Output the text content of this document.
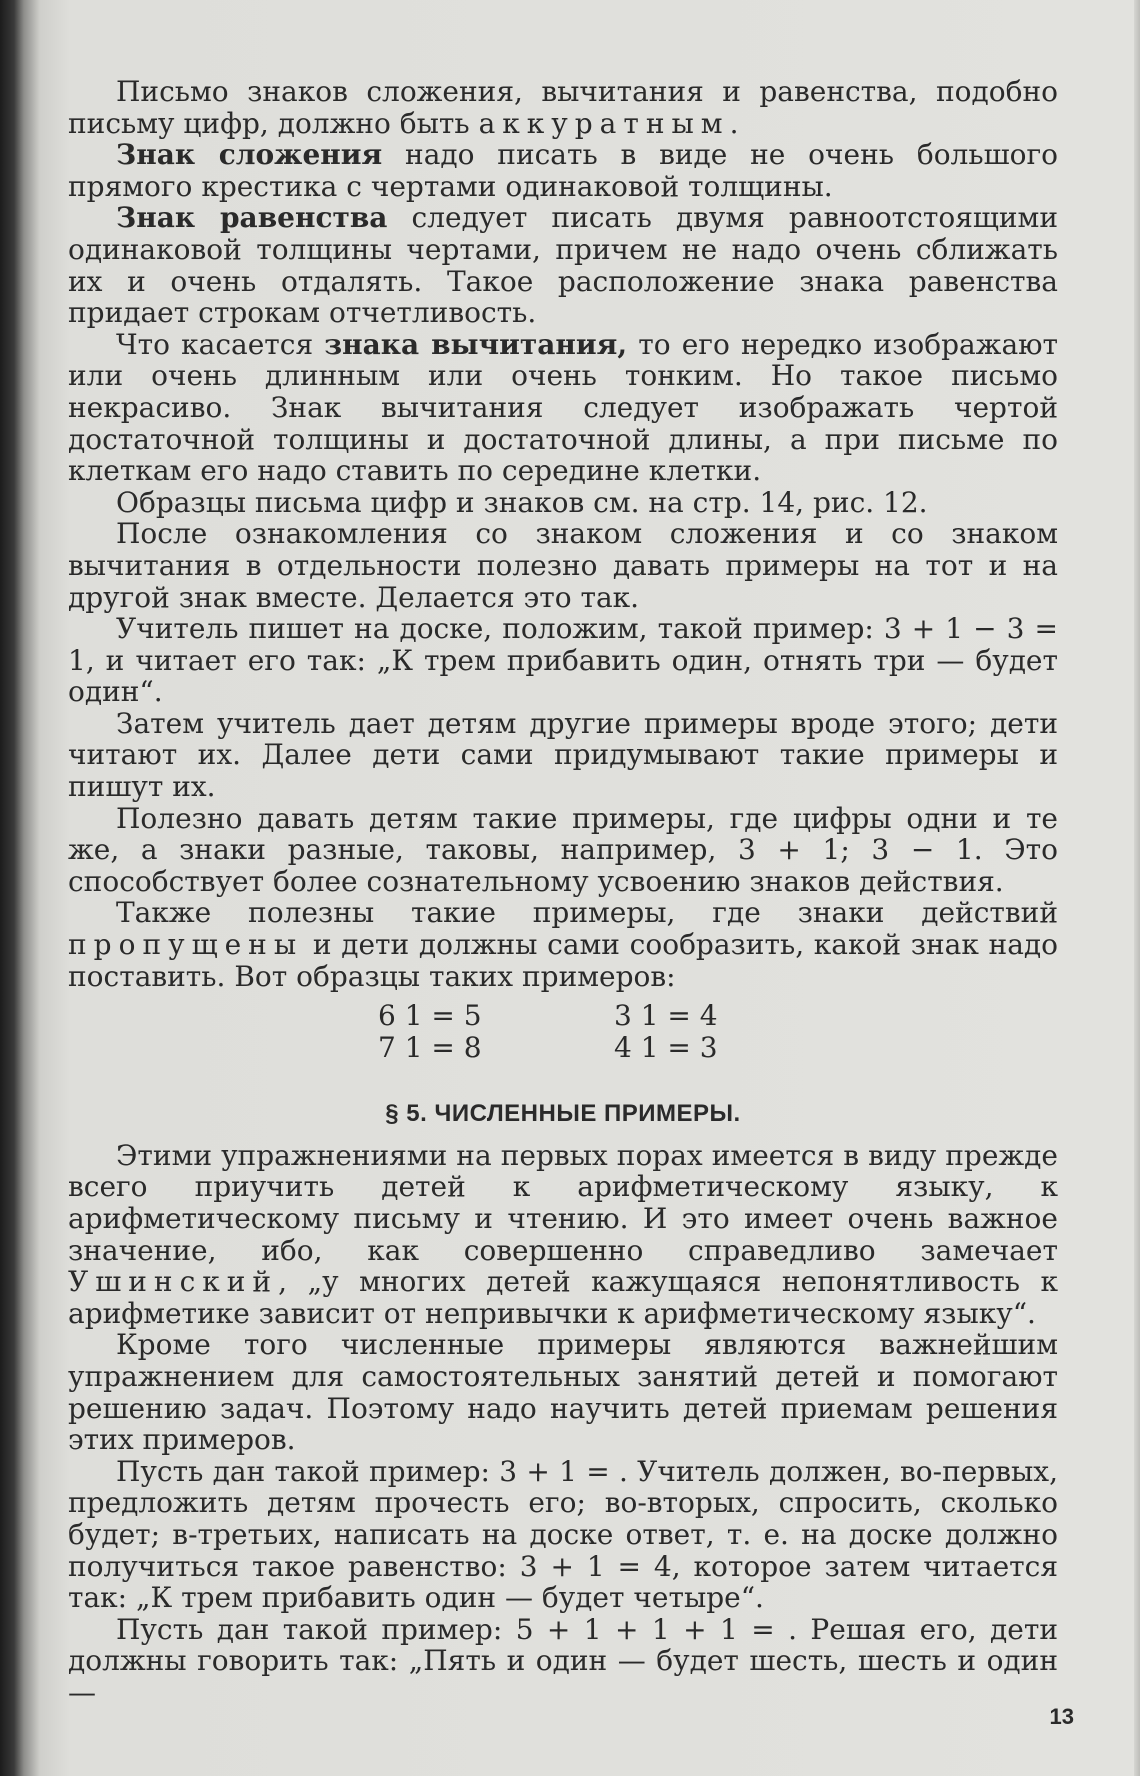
Письмо знаков сложения, вычитания и равенства, подобно письму цифр, должно быть аккуратным.

Знак сложения надо писать в виде не очень большого прямого крестика с чертами одинаковой толщины.

Знак равенства следует писать двумя равноотстоящими одинаковой толщины чертами, причем не надо очень сближать их и очень отдалять. Такое расположение знака равенства придает строкам отчетливость.

Что касается знака вычитания, то его нередко изображают или очень длинным или очень тонким. Но такое письмо некрасиво. Знак вычитания следует изображать чертой достаточной толщины и достаточной длины, а при письме по клеткам его надо ставить по середине клетки.

Образцы письма цифр и знаков см. на стр. 14, рис. 12.

После ознакомления со знаком сложения и со знаком вычитания в отдельности полезно давать примеры на тот и на другой знак вместе. Делается это так.

Учитель пишет на доске, положим, такой пример: 3 + 1 − 3 = 1, и читает его так: „К трем прибавить один, отнять три — будет один“.

Затем учитель дает детям другие примеры вроде этого; дети читают их. Далее дети сами придумывают такие примеры и пишут их.

Полезно давать детям такие примеры, где цифры одни и те же, а знаки разные, таковы, например, 3 + 1; 3 − 1. Это способствует более сознательному усвоению знаков действия.

Также полезны такие примеры, где знаки действий пропущены и дети должны сами сообразить, какой знак надо поставить. Вот образцы таких примеров:

6 1 = 5	3 1 = 4
7 1 = 8	4 1 = 3
§ 5. ЧИСЛЕННЫЕ ПРИМЕРЫ.

Этими упражнениями на первых порах имеется в виду прежде всего приучить детей к арифметическому языку, к арифметическому письму и чтению. И это имеет очень важное значение, ибо, как совершенно справедливо замечает Ушинский, „у многих детей кажущаяся непонятливость к арифметике зависит от непривычки к арифметическому языку“.

Кроме того численные примеры являются важнейшим упражнением для самостоятельных занятий детей и помогают решению задач. Поэтому надо научить детей приемам решения этих примеров.

Пусть дан такой пример: 3 + 1 = . Учитель должен, во-первых, предложить детям прочесть его; во-вторых, спросить, сколько будет; в-третьих, написать на доске ответ, т. е. на доске должно получиться такое равенство: 3 + 1 = 4, которое затем читается так: „К трем прибавить один — будет четыре“.

Пусть дан такой пример: 5 + 1 + 1 + 1 = . Решая его, дети должны говорить так: „Пять и один — будет шесть, шесть и один —

13
